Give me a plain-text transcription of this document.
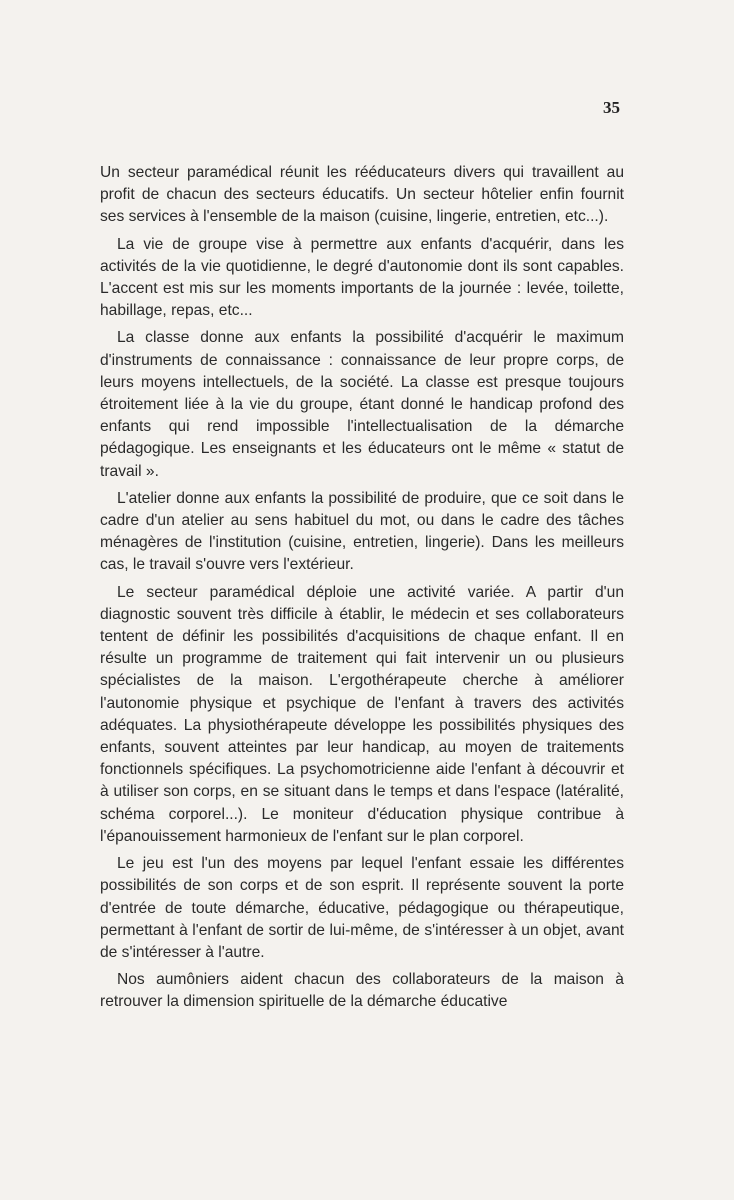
35

Un secteur paramédical réunit les rééducateurs divers qui travaillent au profit de chacun des secteurs éducatifs. Un secteur hôtelier enfin fournit ses services à l'ensemble de la maison (cuisine, lingerie, entretien, etc...).

La vie de groupe vise à permettre aux enfants d'acquérir, dans les activités de la vie quotidienne, le degré d'autonomie dont ils sont capables. L'accent est mis sur les moments importants de la journée : levée, toilette, habillage, repas, etc...

La classe donne aux enfants la possibilité d'acquérir le maximum d'instruments de connaissance : connaissance de leur propre corps, de leurs moyens intellectuels, de la société. La classe est presque toujours étroitement liée à la vie du groupe, étant donné le handicap profond des enfants qui rend impossible l'intellectualisation de la démarche pédagogique. Les enseignants et les éducateurs ont le même « statut de travail ».

L'atelier donne aux enfants la possibilité de produire, que ce soit dans le cadre d'un atelier au sens habituel du mot, ou dans le cadre des tâches ménagères de l'institution (cuisine, entretien, lingerie). Dans les meilleurs cas, le travail s'ouvre vers l'extérieur.

Le secteur paramédical déploie une activité variée. A partir d'un diagnostic souvent très difficile à établir, le médecin et ses collaborateurs tentent de définir les possibilités d'acquisitions de chaque enfant. Il en résulte un programme de traitement qui fait intervenir un ou plusieurs spécialistes de la maison. L'ergothérapeute cherche à améliorer l'autonomie physique et psychique de l'enfant à travers des activités adéquates. La physiothérapeute développe les possibilités physiques des enfants, souvent atteintes par leur handicap, au moyen de traitements fonctionnels spécifiques. La psychomotricienne aide l'enfant à découvrir et à utiliser son corps, en se situant dans le temps et dans l'espace (latéralité, schéma corporel...). Le moniteur d'éducation physique contribue à l'épanouissement harmonieux de l'enfant sur le plan corporel.

Le jeu est l'un des moyens par lequel l'enfant essaie les différentes possibilités de son corps et de son esprit. Il représente souvent la porte d'entrée de toute démarche, éducative, pédagogique ou thérapeutique, permettant à l'enfant de sortir de lui-même, de s'intéresser à un objet, avant de s'intéresser à l'autre.

Nos aumôniers aident chacun des collaborateurs de la maison à retrouver la dimension spirituelle de la démarche éducative
